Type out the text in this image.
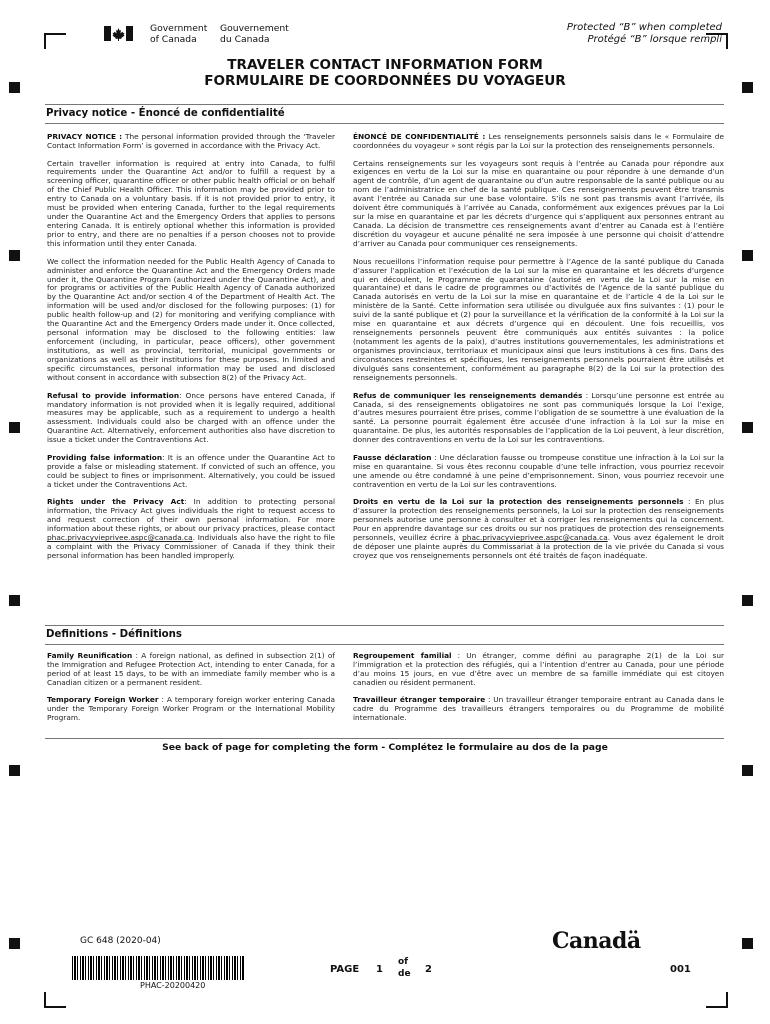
Government
of Canada
Gouvernement
du Canada
Protected “B” when completed
Protégé “B” lorsque rempli
TRAVELER CONTACT INFORMATION FORM
FORMULAIRE DE COORDONNÉES DU VOYAGEUR
Privacy notice - Énoncé de confidentialité

PRIVACY NOTICE : The personal information provided through the ‘Traveler Contact Information Form’ is governed in accordance with the Privacy Act.

Certain traveller information is required at entry into Canada, to fulfil requirements under the Quarantine Act and/or to fulfill a request by a screening officer, quarantine officer or other public health official or on behalf of the Chief Public Health Officer. This information may be provided prior to entry to Canada on a voluntary basis. If it is not provided prior to entry, it must be provided when entering Canada, further to the legal requirements under the Quarantine Act and the Emergency Orders that applies to persons entering Canada. It is entirely optional whether this information is provided prior to entry, and there are no penalties if a person chooses not to provide this information until they enter Canada.

We collect the information needed for the Public Health Agency of Canada to administer and enforce the Quarantine Act and the Emergency Orders made under it, the Quarantine Program (authorized under the Quarantine Act), and for programs or activities of the Public Health Agency of Canada authorized by the Quarantine Act and/or section 4 of the Department of Health Act. The information will be used and/or disclosed for the following purposes: (1) for public health follow-up and (2) for monitoring and verifying compliance with the Quarantine Act and the Emergency Orders made under it. Once collected, personal information may be disclosed to the following entities: law enforcement (including, in particular, peace officers), other government institutions, as well as provincial, territorial, municipal governments or organizations as well as their institutions for these purposes. In limited and specific circumstances, personal information may be used and disclosed without consent in accordance with subsection 8(2) of the Privacy Act.

Refusal to provide information: Once persons have entered Canada, if mandatory information is not provided when it is legally required, additional measures may be applicable, such as a requirement to undergo a health assessment. Individuals could also be charged with an offence under the Quarantine Act. Alternatively, enforcement authorities also have discretion to issue a ticket under the Contraventions Act.

Providing false information: It is an offence under the Quarantine Act to provide a false or misleading statement. If convicted of such an offence, you could be subject to fines or imprisonment. Alternatively, you could be issued a ticket under the Contraventions Act.

Rights under the Privacy Act: In addition to protecting personal information, the Privacy Act gives individuals the right to request access to and request correction of their own personal information. For more information about these rights, or about our privacy practices, please contact phac.privacyvieprivee.aspc@canada.ca. Individuals also have the right to file a complaint with the Privacy Commissioner of Canada if they think their personal information has been handled improperly.

ÉNONCÉ DE CONFIDENTIALITÉ : Les renseignements personnels saisis dans le « Formulaire de coordonnées du voyageur » sont régis par la Loi sur la protection des renseignements personnels.

Certains renseignements sur les voyageurs sont requis à l’entrée au Canada pour répondre aux exigences en vertu de la Loi sur la mise en quarantaine ou pour répondre à une demande d’un agent de contrôle, d’un agent de quarantaine ou d’un autre responsable de la santé publique ou au nom de l’administratrice en chef de la santé publique. Ces renseignements peuvent être transmis avant l’entrée au Canada sur une base volontaire. S’ils ne sont pas transmis avant l’arrivée, ils doivent être communiqués à l’arrivée au Canada, conformément aux exigences prévues par la Loi sur la mise en quarantaine et par les décrets d’urgence qui s’appliquent aux personnes entrant au Canada. La décision de transmettre ces renseignements avant d’entrer au Canada est à l’entière discrétion du voyageur et aucune pénalité ne sera imposée à une personne qui choisit d’attendre d’arriver au Canada pour communiquer ces renseignements.

Nous recueillons l’information requise pour permettre à l’Agence de la santé publique du Canada d’assurer l’application et l’exécution de la Loi sur la mise en quarantaine et les décrets d’urgence qui en découlent, le Programme de quarantaine (autorisé en vertu de la Loi sur la mise en quarantaine) et dans le cadre de programmes ou d’activités de l’Agence de la santé publique du Canada autorisés en vertu de la Loi sur la mise en quarantaine et de l’article 4 de la Loi sur le ministère de la Santé. Cette information sera utilisée ou divulguée aux fins suivantes : (1) pour le suivi de la santé publique et (2) pour la surveillance et la vérification de la conformité à la Loi sur la mise en quarantaine et aux décrets d’urgence qui en découlent. Une fois recueillis, vos renseignements personnels peuvent être communiqués aux entités suivantes : la police (notamment les agents de la paix), d’autres institutions gouvernementales, les administrations et organismes provinciaux, territoriaux et municipaux ainsi que leurs institutions à ces fins. Dans des circonstances restreintes et spécifiques, les renseignements personnels pourraient être utilisés et divulgués sans consentement, conformément au paragraphe 8(2) de la Loi sur la protection des renseignements personnels.

Refus de communiquer les renseignements demandés : Lorsqu’une personne est entrée au Canada, si des renseignements obligatoires ne sont pas communiqués lorsque la Loi l’exige, d’autres mesures pourraient être prises, comme l’obligation de se soumettre à une évaluation de la santé. La personne pourrait également être accusée d’une infraction à la Loi sur la mise en quarantaine. De plus, les autorités responsables de l’application de la Loi peuvent, à leur discrétion, donner des contraventions en vertu de la Loi sur les contraventions.

Fausse déclaration : Une déclaration fausse ou trompeuse constitue une infraction à la Loi sur la mise en quarantaine. Si vous êtes reconnu coupable d’une telle infraction, vous pourriez recevoir une amende ou être condamné à une peine d’emprisonnement. Sinon, vous pourriez recevoir une contravention en vertu de la Loi sur les contraventions.

Droits en vertu de la Loi sur la protection des renseignements personnels : En plus d’assurer la protection des renseignements personnels, la Loi sur la protection des renseignements personnels autorise une personne à consulter et à corriger les renseignements qui la concernent. Pour en apprendre davantage sur ces droits ou sur nos pratiques de protection des renseignements personnels, veuillez écrire à phac.privacyvieprivee.aspc@canada.ca. Vous avez également le droit de déposer une plainte auprès du Commissariat à la protection de la vie privée du Canada si vous croyez que vos renseignements personnels ont été traités de façon inadéquate.

Definitions - Définitions

Family Reunification : A foreign national, as defined in subsection 2(1) of the Immigration and Refugee Protection Act, intending to enter Canada, for a period of at least 15 days, to be with an immediate family member who is a Canadian citizen or a permanent resident.

Temporary Foreign Worker : A temporary foreign worker entering Canada under the Temporary Foreign Worker Program or the International Mobility Program.

Regroupement familial : Un étranger, comme défini au paragraphe 2(1) de la Loi sur l’immigration et la protection des réfugiés, qui a l’intention d’entrer au Canada, pour une période d’au moins 15 jours, en vue d’être avec un membre de sa famille immédiate qui est citoyen canadien ou résident permanent.

Travailleur étranger temporaire : Un travailleur étranger temporaire entrant au Canada dans le cadre du Programme des travailleurs étrangers temporaires ou du Programme de mobilité internationale.

See back of page for completing the form - Complétez le formulaire au dos de la page
GC 648 (2020-04)	Canadä
PHAC-20200420
PAGE 1
of
de 2	001
